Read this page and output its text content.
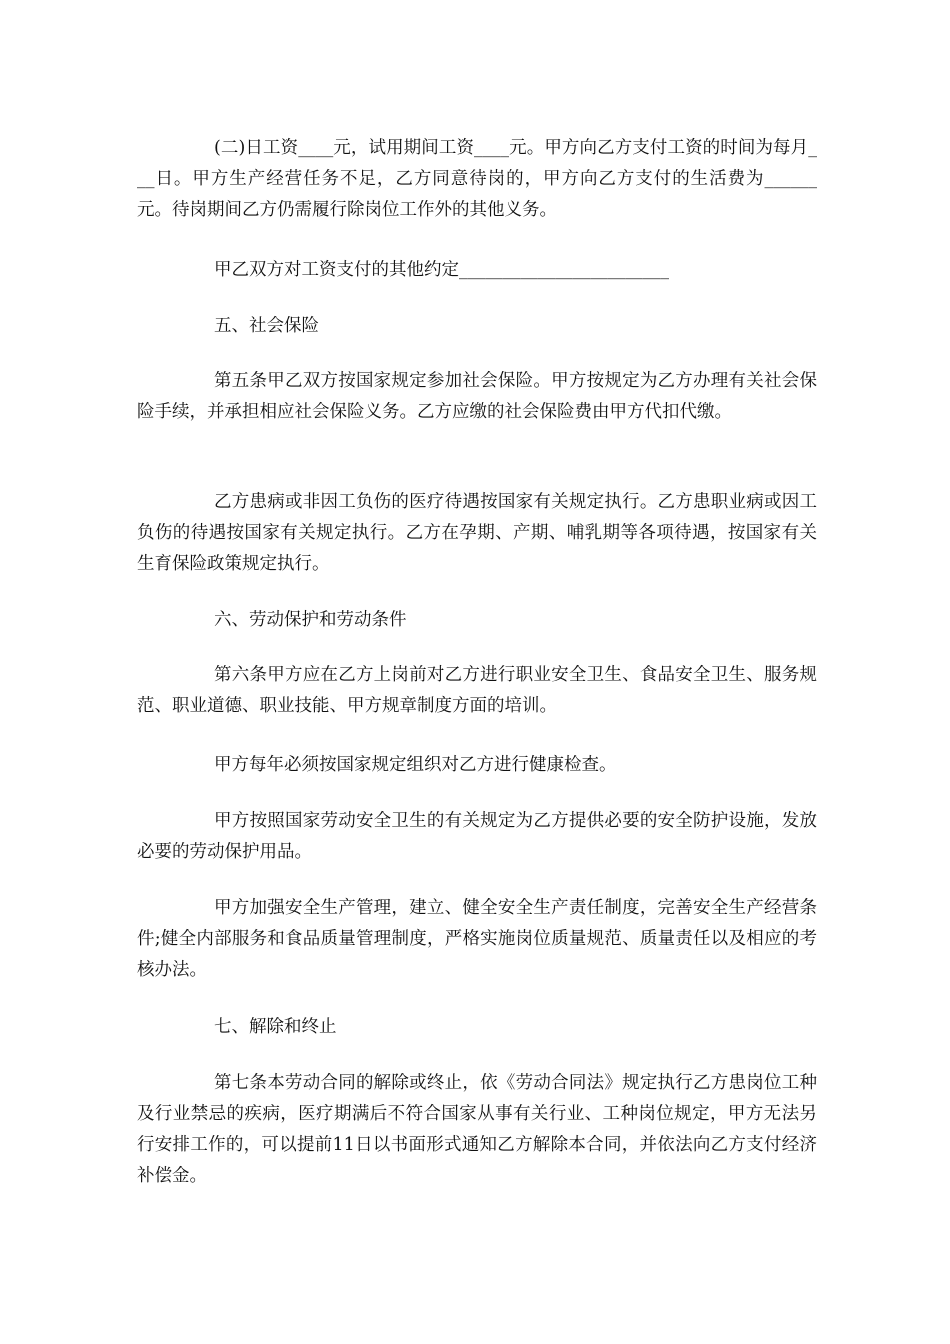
(二)日工资____元，试用期间工资____元。甲方向乙方支付工资的时间为每月___日。甲方生产经营任务不足，乙方同意待岗的，甲方向乙方支付的生活费为______元。待岗期间乙方仍需履行除岗位工作外的其他义务。

甲乙双方对工资支付的其他约定________________________

五、社会保险

第五条甲乙双方按国家规定参加社会保险。甲方按规定为乙方办理有关社会保险手续，并承担相应社会保险义务。乙方应缴的社会保险费由甲方代扣代缴。

乙方患病或非因工负伤的医疗待遇按国家有关规定执行。乙方患职业病或因工负伤的待遇按国家有关规定执行。乙方在孕期、产期、哺乳期等各项待遇，按国家有关生育保险政策规定执行。

六、劳动保护和劳动条件

第六条甲方应在乙方上岗前对乙方进行职业安全卫生、食品安全卫生、服务规范、职业道德、职业技能、甲方规章制度方面的培训。

甲方每年必须按国家规定组织对乙方进行健康检查。

甲方按照国家劳动安全卫生的有关规定为乙方提供必要的安全防护设施，发放必要的劳动保护用品。

甲方加强安全生产管理，建立、健全安全生产责任制度，完善安全生产经营条件;健全内部服务和食品质量管理制度，严格实施岗位质量规范、质量责任以及相应的考核办法。

七、解除和终止

第七条本劳动合同的解除或终止，依《劳动合同法》规定执行乙方患岗位工种及行业禁忌的疾病，医疗期满后不符合国家从事有关行业、工种岗位规定，甲方无法另行安排工作的，可以提前11日以书面形式通知乙方解除本合同，并依法向乙方支付经济补偿金。
